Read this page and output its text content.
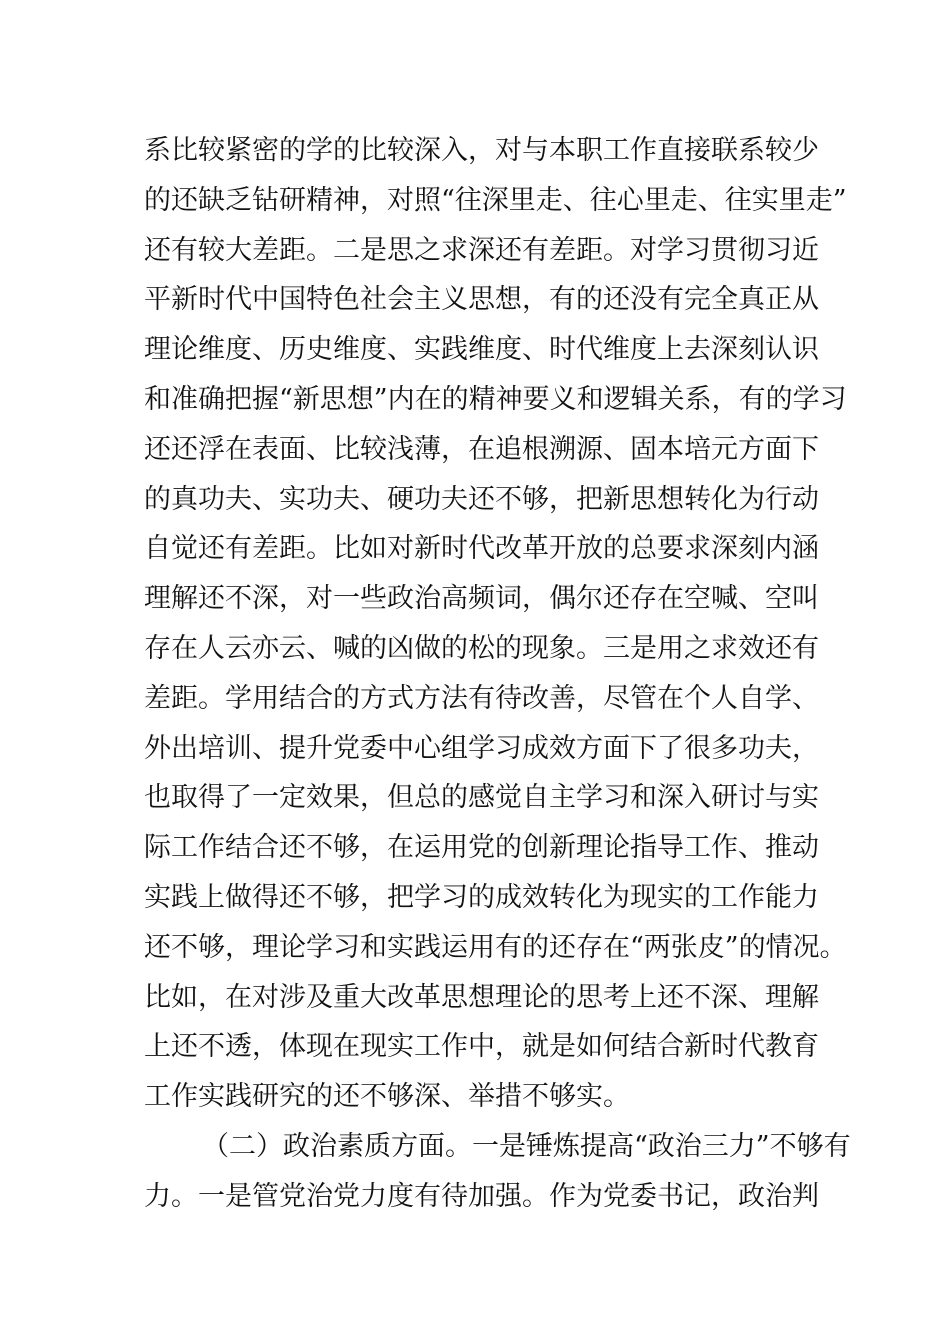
系比较紧密的学的比较深入，对与本职工作直接联系较少
的还缺乏钻研精神，对照“往深里走、往心里走、往实里走”
还有较大差距。二是思之求深还有差距。对学习贯彻习近
平新时代中国特色社会主义思想，有的还没有完全真正从
理论维度、历史维度、实践维度、时代维度上去深刻认识
和准确把握“新思想”内在的精神要义和逻辑关系，有的学习
还还浮在表面、比较浅薄，在追根溯源、固本培元方面下
的真功夫、实功夫、硬功夫还不够，把新思想转化为行动
自觉还有差距。比如对新时代改革开放的总要求深刻内涵
理解还不深，对一些政治高频词，偶尔还存在空喊、空叫
存在人云亦云、喊的凶做的松的现象。三是用之求效还有
差距。学用结合的方式方法有待改善，尽管在个人自学、
外出培训、提升党委中心组学习成效方面下了很多功夫，
也取得了一定效果，但总的感觉自主学习和深入研讨与实
际工作结合还不够，在运用党的创新理论指导工作、推动
实践上做得还不够，把学习的成效转化为现实的工作能力
还不够，理论学习和实践运用有的还存在“两张皮”的情况。
比如，在对涉及重大改革思想理论的思考上还不深、理解
上还不透，体现在现实工作中，就是如何结合新时代教育
工作实践研究的还不够深、举措不够实。
（二）政治素质方面。一是锤炼提高“政治三力”不够有
力。一是管党治党力度有待加强。作为党委书记，政治判
